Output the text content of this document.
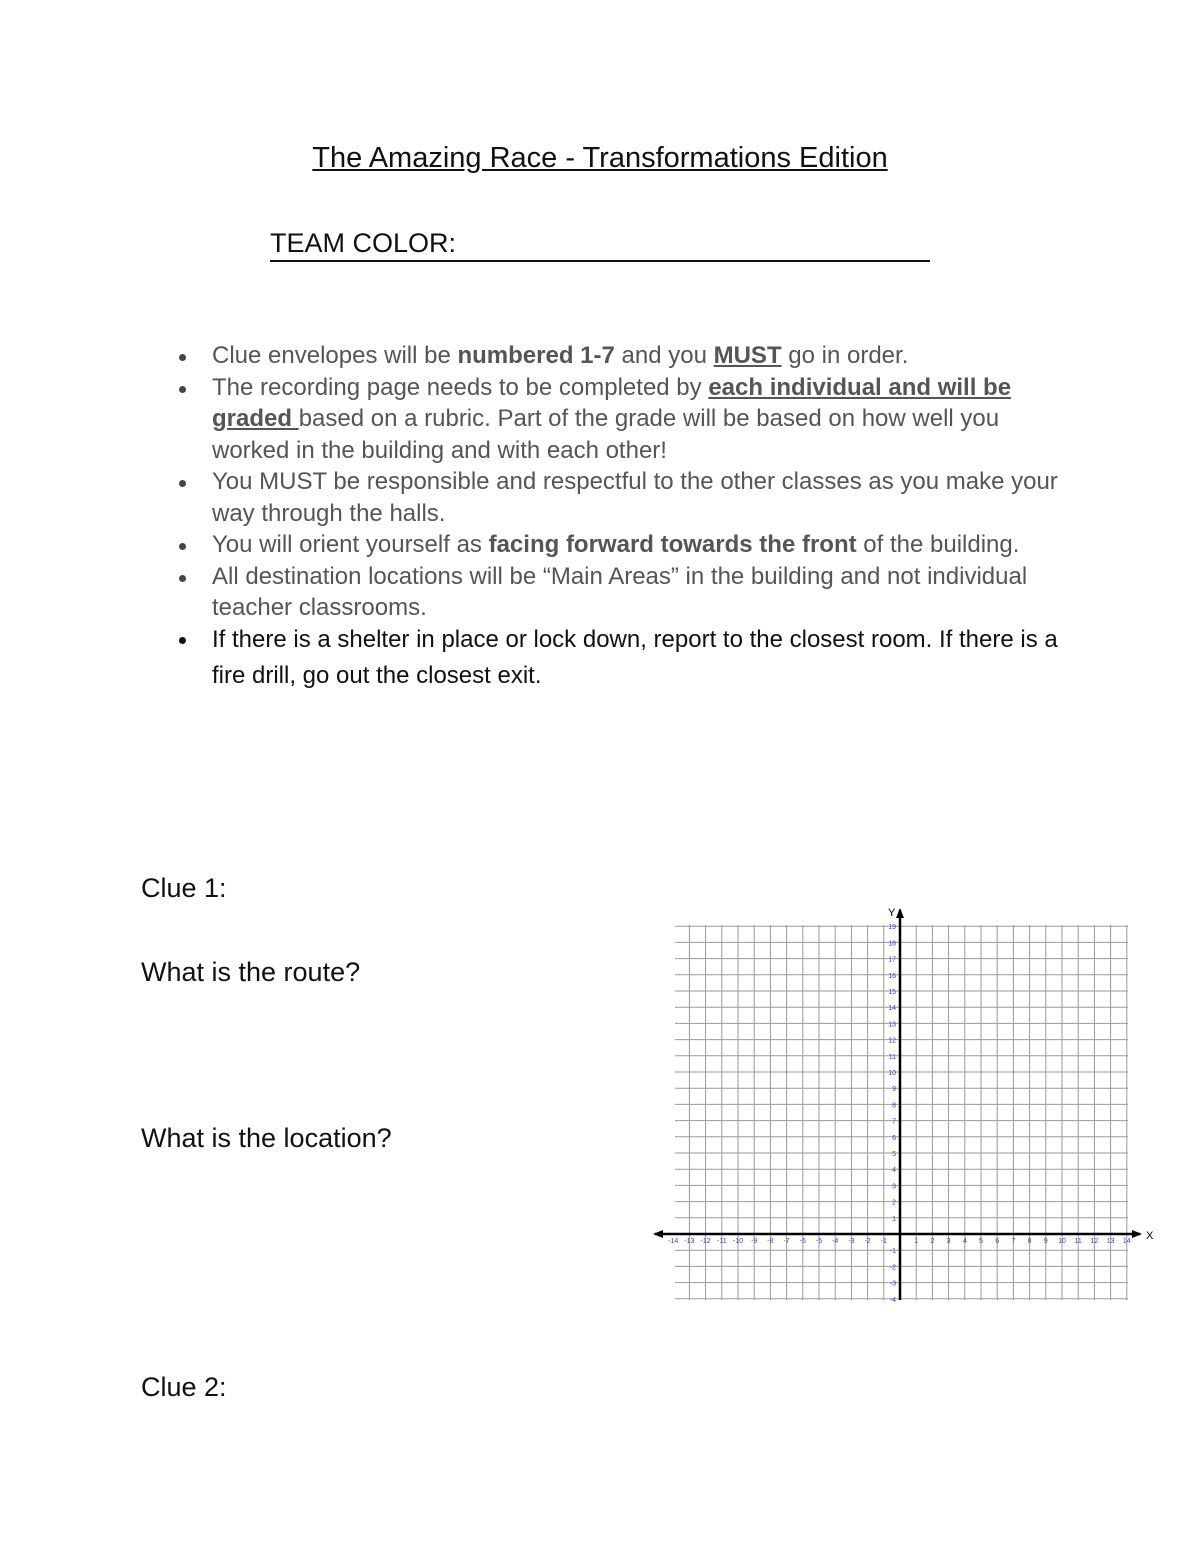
The Amazing Race - Transformations Edition
TEAM COLOR:
Clue envelopes will be numbered 1-7 and you MUST go in order.
The recording page needs to be completed by each individual and will be graded based on a rubric. Part of the grade will be based on how well you worked in the building and with each other!
You MUST be responsible and respectful to the other classes as you make your way through the halls.
You will orient yourself as facing forward towards the front of the building.
All destination locations will be “Main Areas” in the building and not individual teacher classrooms.
If there is a shelter in place or lock down, report to the closest room. If there is a fire drill, go out the closest exit.
Clue 1:
What is the route?
What is the location?
Clue 2:
X
Y
-14 -13 -12 -11 -10 -9 -8 -7 -6 -5 -4 -3 -2 -1	1 2 3 4 5 6 7 8 9 10 11 12 13 14
-4
-3
-2
-1
1
2
3
4
5
6
7
8
9
10
11
12
13
14
15
16
17
18
19
